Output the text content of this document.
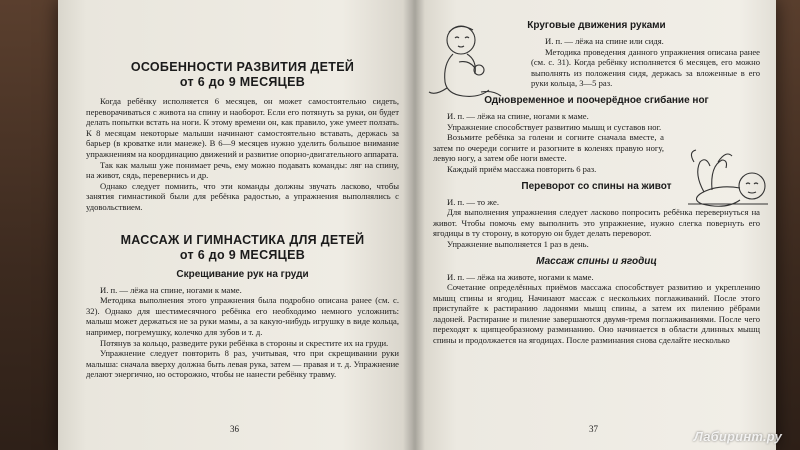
ОСОБЕННОСТИ РАЗВИТИЯ ДЕТЕЙ
от 6 до 9 МЕСЯЦЕВ

Когда ребёнку исполняется 6 месяцев, он может самостоятельно сидеть, переворачиваться с живота на спину и наоборот. Если его потянуть за руки, он будет делать попытки встать на ноги. К этому времени он, как правило, уже умеет ползать. К 8 месяцам некоторые малыши начинают самостоятельно вставать, держась за барьер (в кроватке или манеже). В 6—9 месяцев нужно уделить большое внимание упражнениям на координацию движений и развитие опорно-двигательного аппарата.

Так как малыш уже понимает речь, ему можно подавать команды: ляг на спину, на живот, сядь, перевернись и др.

Однако следует помнить, что эти команды должны звучать ласково, чтобы занятия гимнастикой были для ребёнка радостью, а упражнения выполнялись с удовольствием.

МАССАЖ И ГИМНАСТИКА ДЛЯ ДЕТЕЙ
от 6 до 9 МЕСЯЦЕВ
Скрещивание рук на груди

И. п. — лёжа на спине, ногами к маме.

Методика выполнения этого упражнения была подробно описана ранее (см. с. 32). Однако для шестимесячного ребёнка его необходимо немного усложнить: малыш может держаться не за руки мамы, а за какую-нибудь игрушку в виде кольца, например, погремушку, колечко для зубов и т. д.

Потянув за кольцо, разведите руки ребёнка в стороны и скрестите их на груди.

Упражнение следует повторить 8 раз, учитывая, что при скрещивании руки малыша: сначала вверху должна быть левая рука, затем — правая и т. д. Упражнение делают энергично, но осторожно, чтобы не нанести ребёнку травму.

36
Круговые движения руками

И. п. — лёжа на спине или сидя.

Методика проведения данного упражнения описана ранее (см. с. 31). Когда ребёнку исполняется 6 месяцев, его можно выполнять из положения сидя, держась за вложенные в его руки кольца, 3—5 раз.

Одновременное и поочерёдное сгибание ног

И. п. — лёжа на спине, ногами к маме.

Упражнение способствует развитию мышц и суставов ног.

Возьмите ребёнка за голени и согните сначала вместе, а затем по очереди согните и разогните в коленях правую ногу, левую ногу, а затем обе ноги вместе.

Каждый приём массажа повторить 6 раз.

Переворот со спины на живот

И. п. — то же.

Для выполнения упражнения следует ласково попросить ребёнка перевернуться на живот. Чтобы помочь ему выполнить это упражнение, нужно слегка повернуть его ягодицы в ту сторону, в которую он будет делать переворот.

Упражнение выполняется 1 раз в день.

Массаж спины и ягодиц

И. п. — лёжа на животе, ногами к маме.

Сочетание определённых приёмов массажа способствует развитию и укреплению мышц спины и ягодиц. Начинают массаж с нескольких поглаживаний. После этого приступайте к растиранию ладонями мышц спины, а затем их пилению рёбрами ладоней. Растирание и пиление завершаются двумя-тремя поглаживаниями. После чего переходят к щипцеобразному разминанию. Оно начинается в области длинных мышц спины и продолжается на ягодицах. После разминания снова сделайте несколько

37	Лабиринт.ру
